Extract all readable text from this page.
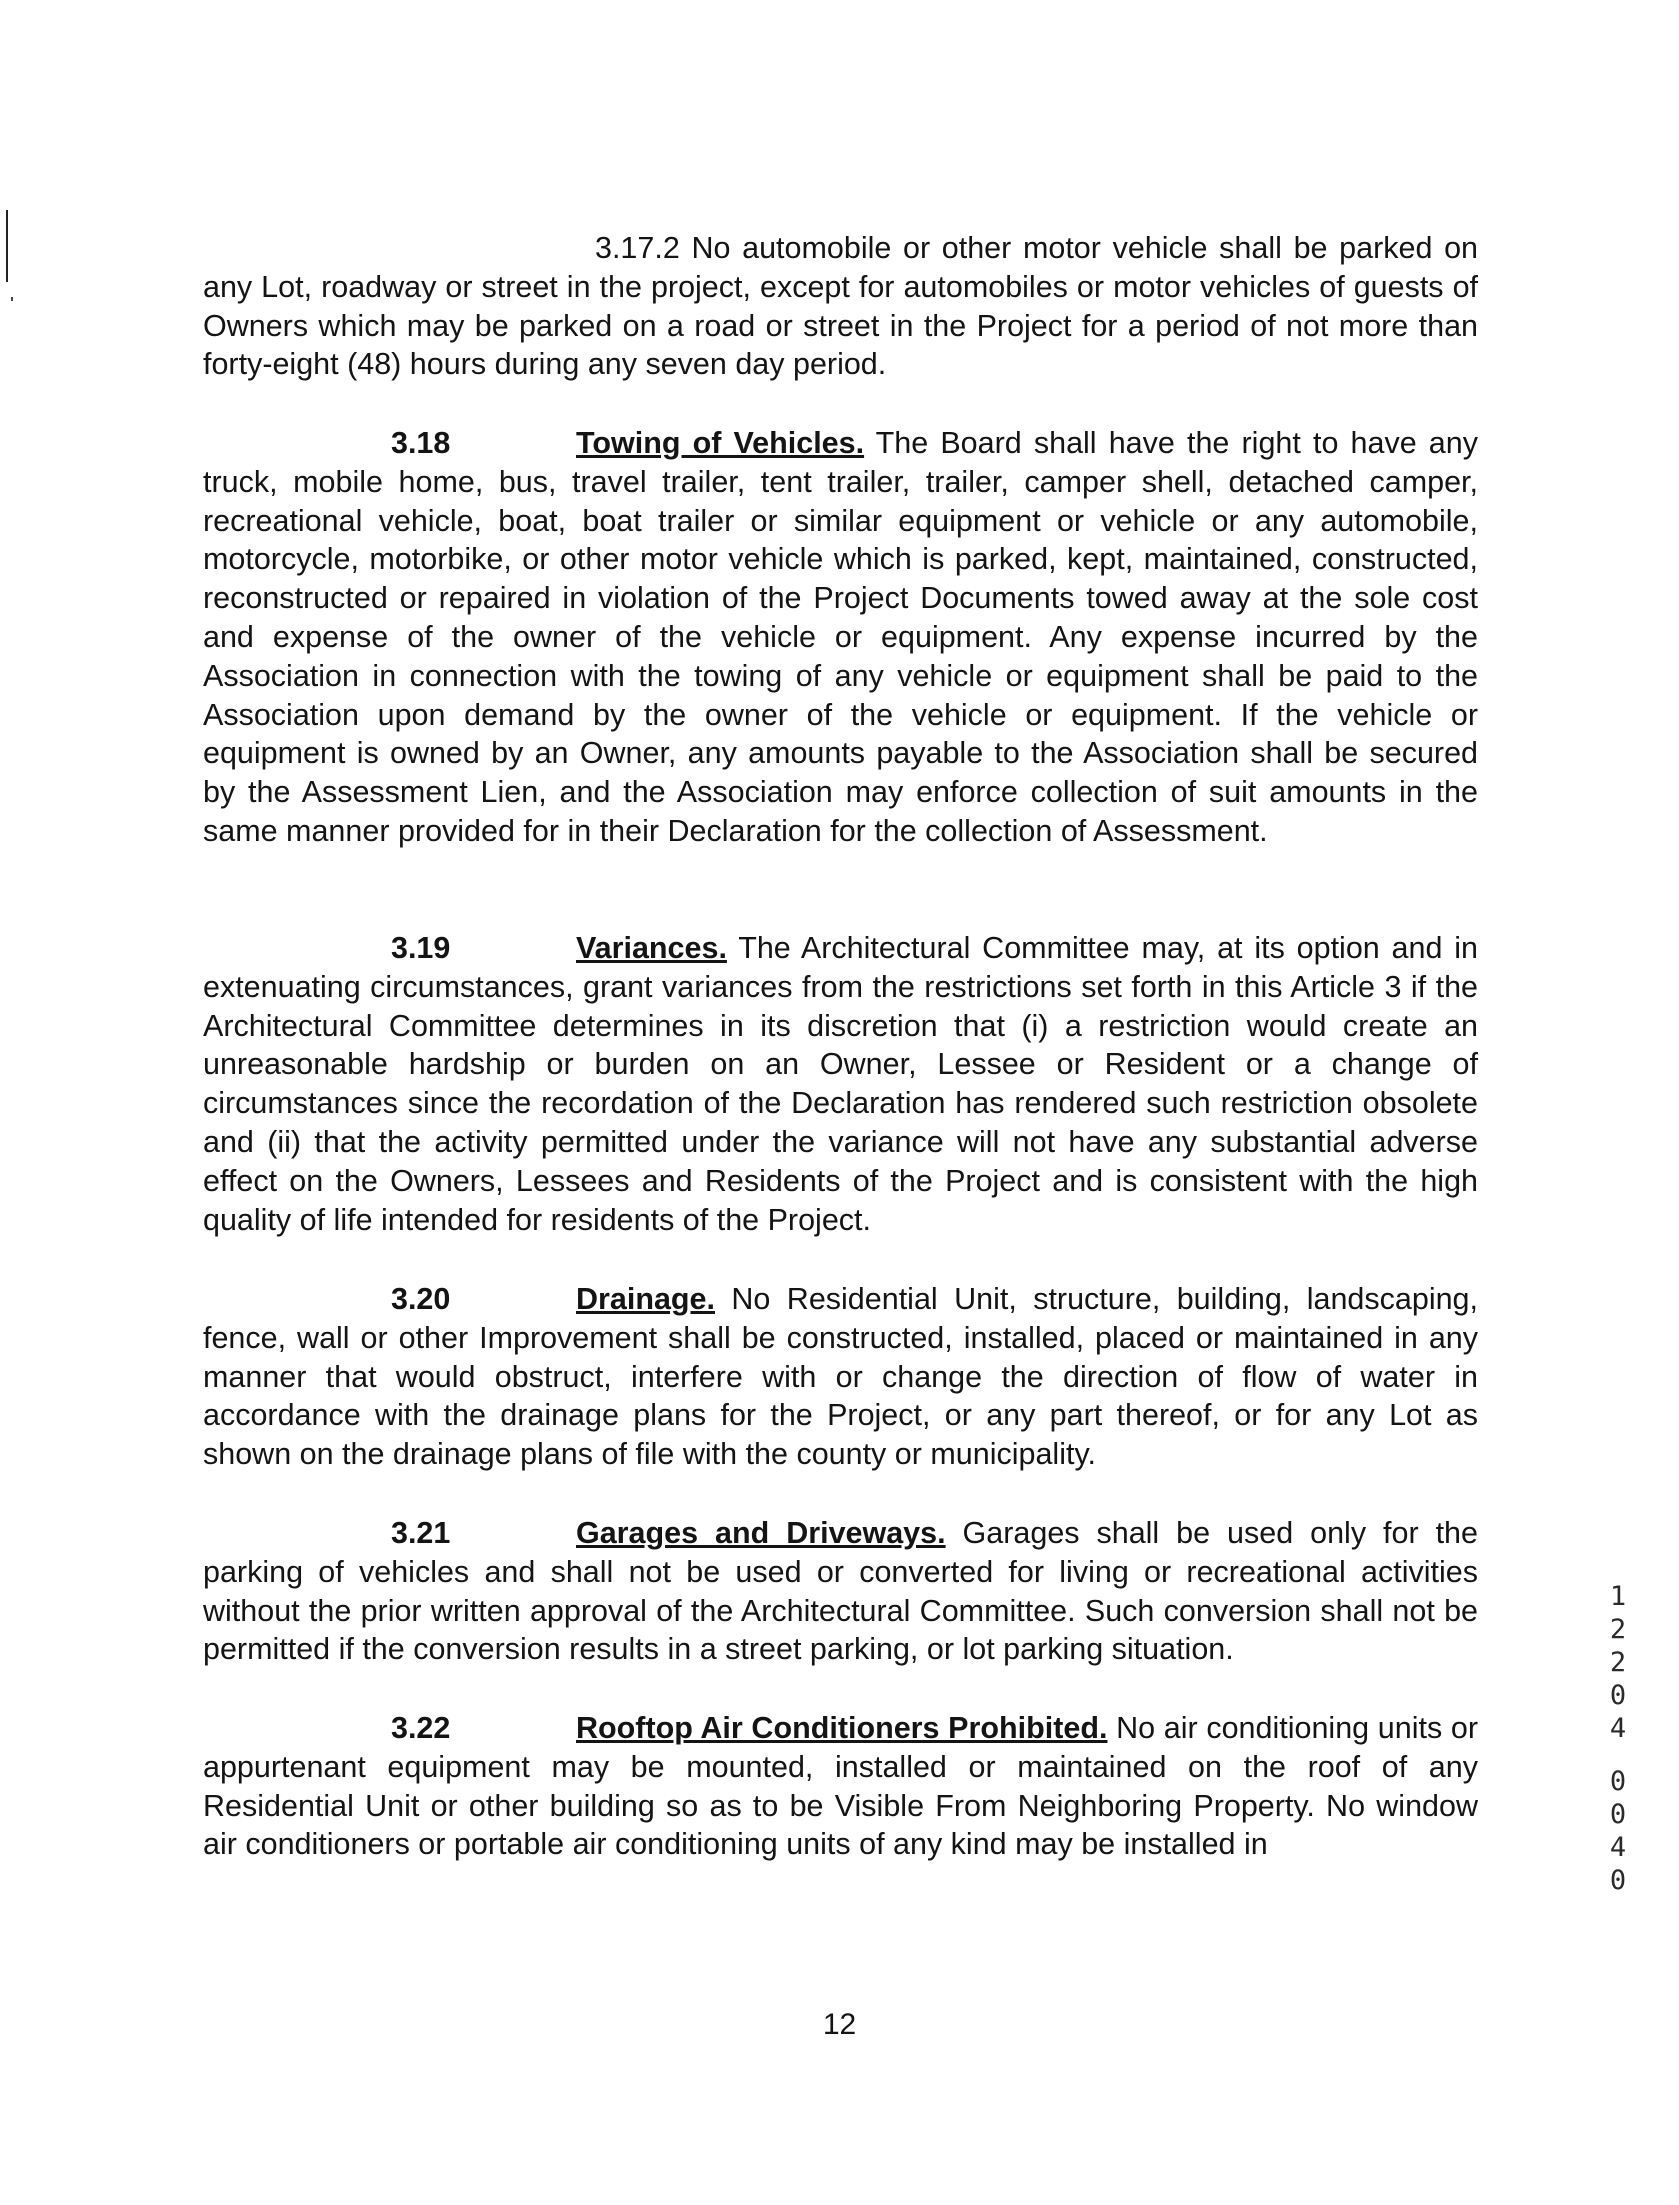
3.17.2 No automobile or other motor vehicle shall be parked on any Lot, roadway or street in the project, except for automobiles or motor vehicles of guests of Owners which may be parked on a road or street in the Project for a period of not more than forty-eight (48) hours during any seven day period.
3.18	Towing of Vehicles. The Board shall have the right to have any truck, mobile home, bus, travel trailer, tent trailer, trailer, camper shell, detached camper, recreational vehicle, boat, boat trailer or similar equipment or vehicle or any automobile, motorcycle, motorbike, or other motor vehicle which is parked, kept, maintained, constructed, reconstructed or repaired in violation of the Project Documents towed away at the sole cost and expense of the owner of the vehicle or equipment. Any expense incurred by the Association in connection with the towing of any vehicle or equipment shall be paid to the Association upon demand by the owner of the vehicle or equipment. If the vehicle or equipment is owned by an Owner, any amounts payable to the Association shall be secured by the Assessment Lien, and the Association may enforce collection of suit amounts in the same manner provided for in their Declaration for the collection of Assessment.
3.19	Variances. The Architectural Committee may, at its option and in extenuating circumstances, grant variances from the restrictions set forth in this Article 3 if the Architectural Committee determines in its discretion that (i) a restriction would create an unreasonable hardship or burden on an Owner, Lessee or Resident or a change of circumstances since the recordation of the Declaration has rendered such restriction obsolete and (ii) that the activity permitted under the variance will not have any substantial adverse effect on the Owners, Lessees and Residents of the Project and is consistent with the high quality of life intended for residents of the Project.
3.20	Drainage. No Residential Unit, structure, building, landscaping, fence, wall or other Improvement shall be constructed, installed, placed or maintained in any manner that would obstruct, interfere with or change the direction of flow of water in accordance with the drainage plans for the Project, or any part thereof, or for any Lot as shown on the drainage plans of file with the county or municipality.
3.21	Garages and Driveways. Garages shall be used only for the parking of vehicles and shall not be used or converted for living or recreational activities without the prior written approval of the Architectural Committee. Such conversion shall not be permitted if the conversion results in a street parking, or lot parking situation.
3.22	Rooftop Air Conditioners Prohibited. No air conditioning units or appurtenant equipment may be mounted, installed or maintained on the roof of any Residential Unit or other building so as to be Visible From Neighboring Property. No window air conditioners or portable air conditioning units of any kind may be installed in
1
2
2
0
4
0
0
4
0
12
